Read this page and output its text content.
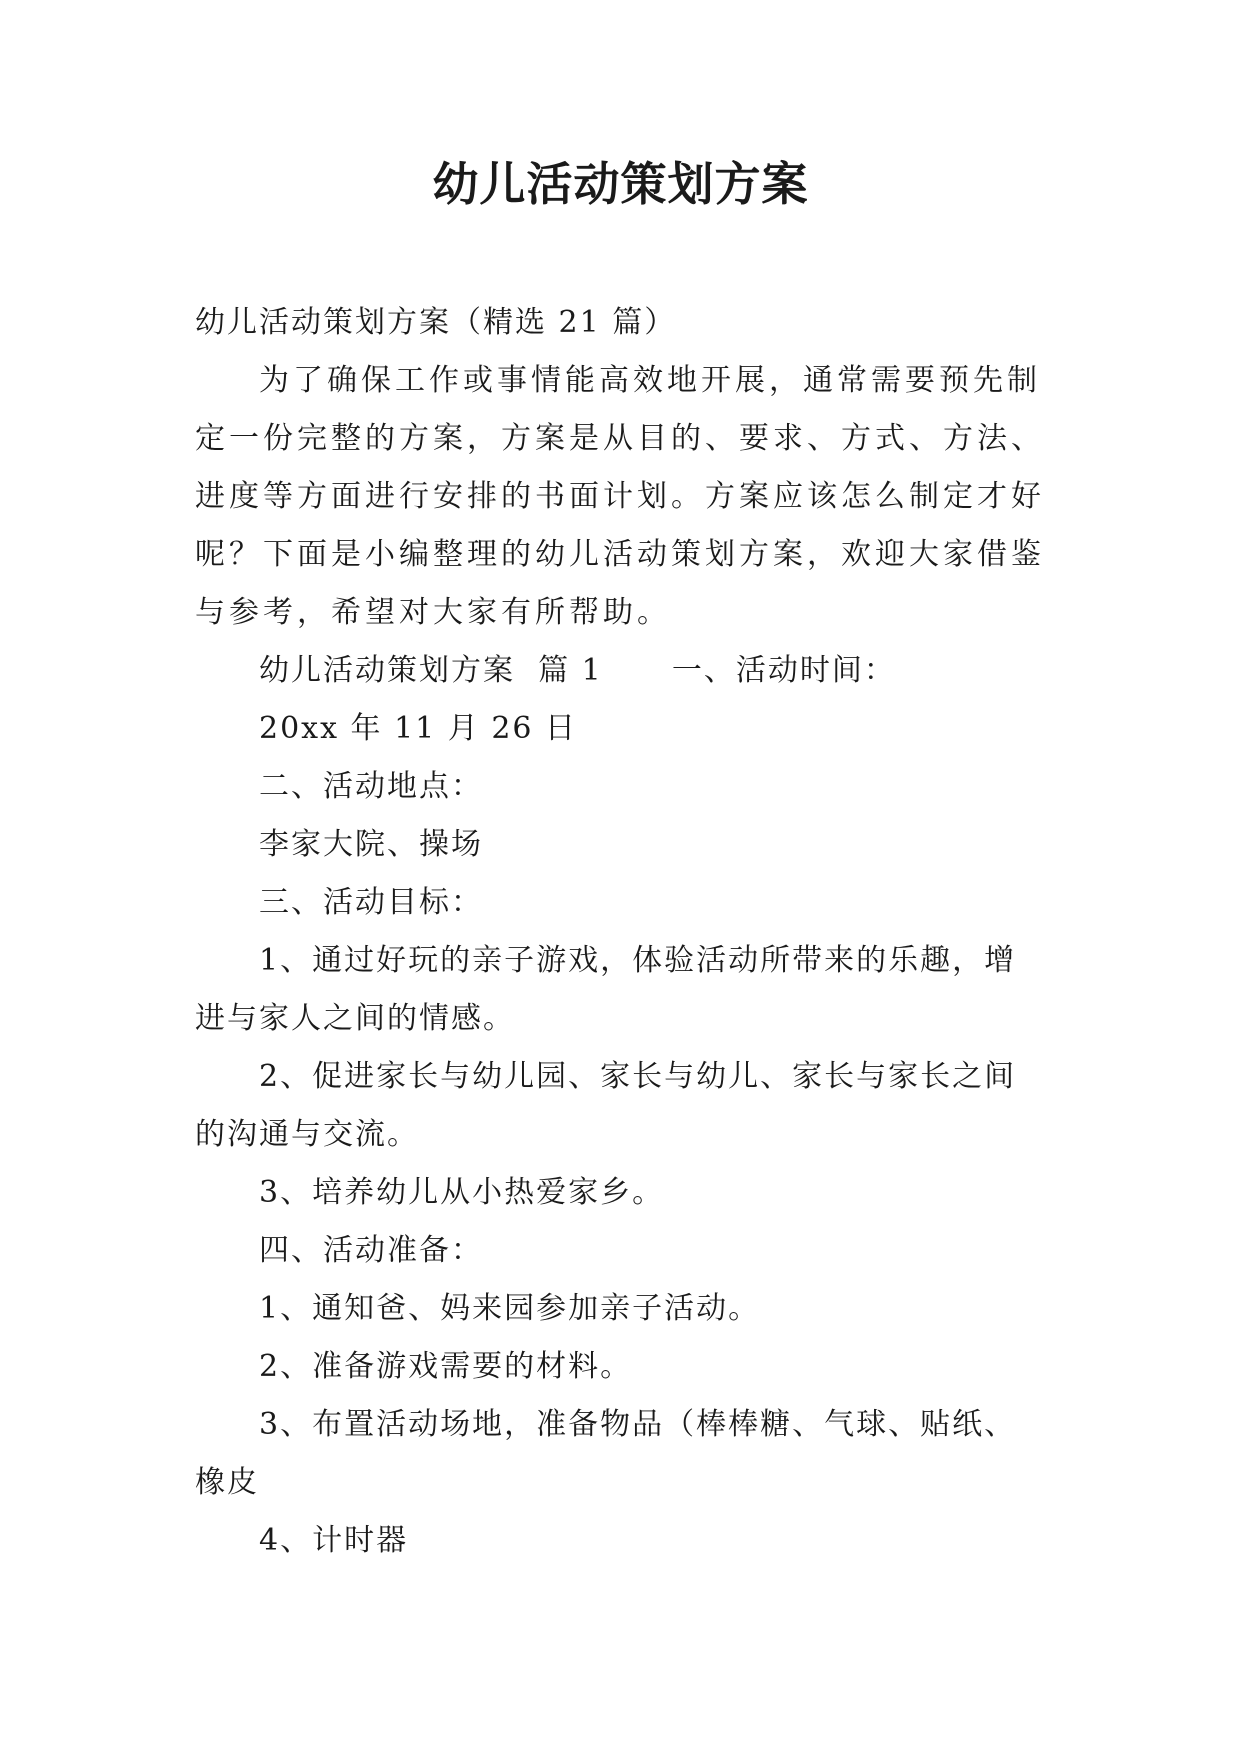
幼儿活动策划方案

幼儿活动策划方案（精选 21 篇）

为了确保工作或事情能高效地开展，通常需要预先制定一份完整的方案，方案是从目的、要求、方式、方法、进度等方面进行安排的书面计划。方案应该怎么制定才好呢？下面是小编整理的幼儿活动策划方案，欢迎大家借鉴与参考，希望对大家有所帮助。

幼儿活动策划方案  篇 1      一、活动时间：

20xx 年 11 月 26 日

二、活动地点：

李家大院、操场

三、活动目标：

1、通过好玩的亲子游戏，体验活动所带来的乐趣，增进与家人之间的情感。

2、促进家长与幼儿园、家长与幼儿、家长与家长之间的沟通与交流。

3、培养幼儿从小热爱家乡。

四、活动准备：

1、通知爸、妈来园参加亲子活动。

2、准备游戏需要的材料。

3、布置活动场地，准备物品（棒棒糖、气球、贴纸、橡皮

4、计时器
